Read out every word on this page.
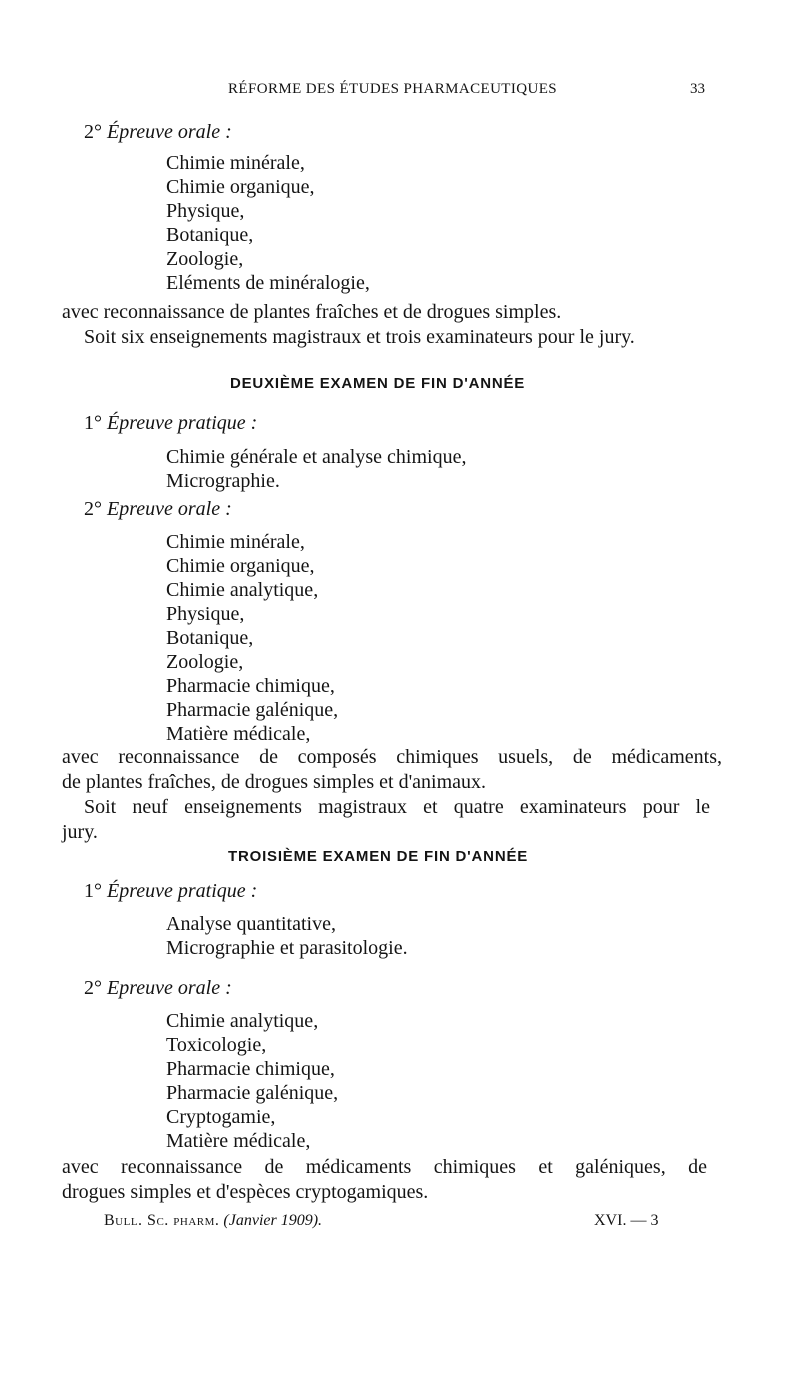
RÉFORME DES ÉTUDES PHARMACEUTIQUES	33
2° Épreuve orale :
Chimie minérale,
Chimie organique,
Physique,
Botanique,
Zoologie,
Eléments de minéralogie,
avec reconnaissance de plantes fraîches et de drogues simples.
Soit six enseignements magistraux et trois examinateurs pour le jury.
DEUXIÈME EXAMEN DE FIN D'ANNÉE
1° Épreuve pratique :
Chimie générale et analyse chimique,
Micrographie.
2° Epreuve orale :
Chimie minérale,
Chimie organique,
Chimie analytique,
Physique,
Botanique,
Zoologie,
Pharmacie chimique,
Pharmacie galénique,
Matière médicale,
avec reconnaissance de composés chimiques usuels, de médicaments,
de plantes fraîches, de drogues simples et d'animaux.
Soit neuf enseignements magistraux et quatre examinateurs pour le
jury.
TROISIÈME EXAMEN DE FIN D'ANNÉE
1° Épreuve pratique :
Analyse quantitative,
Micrographie et parasitologie.
2° Epreuve orale :
Chimie analytique,
Toxicologie,
Pharmacie chimique,
Pharmacie galénique,
Cryptogamie,
Matière médicale,
avec reconnaissance de médicaments chimiques et galéniques, de
drogues simples et d'espèces cryptogamiques.
Bull. Sc. pharm. (Janvier 1909).	XVI. — 3
